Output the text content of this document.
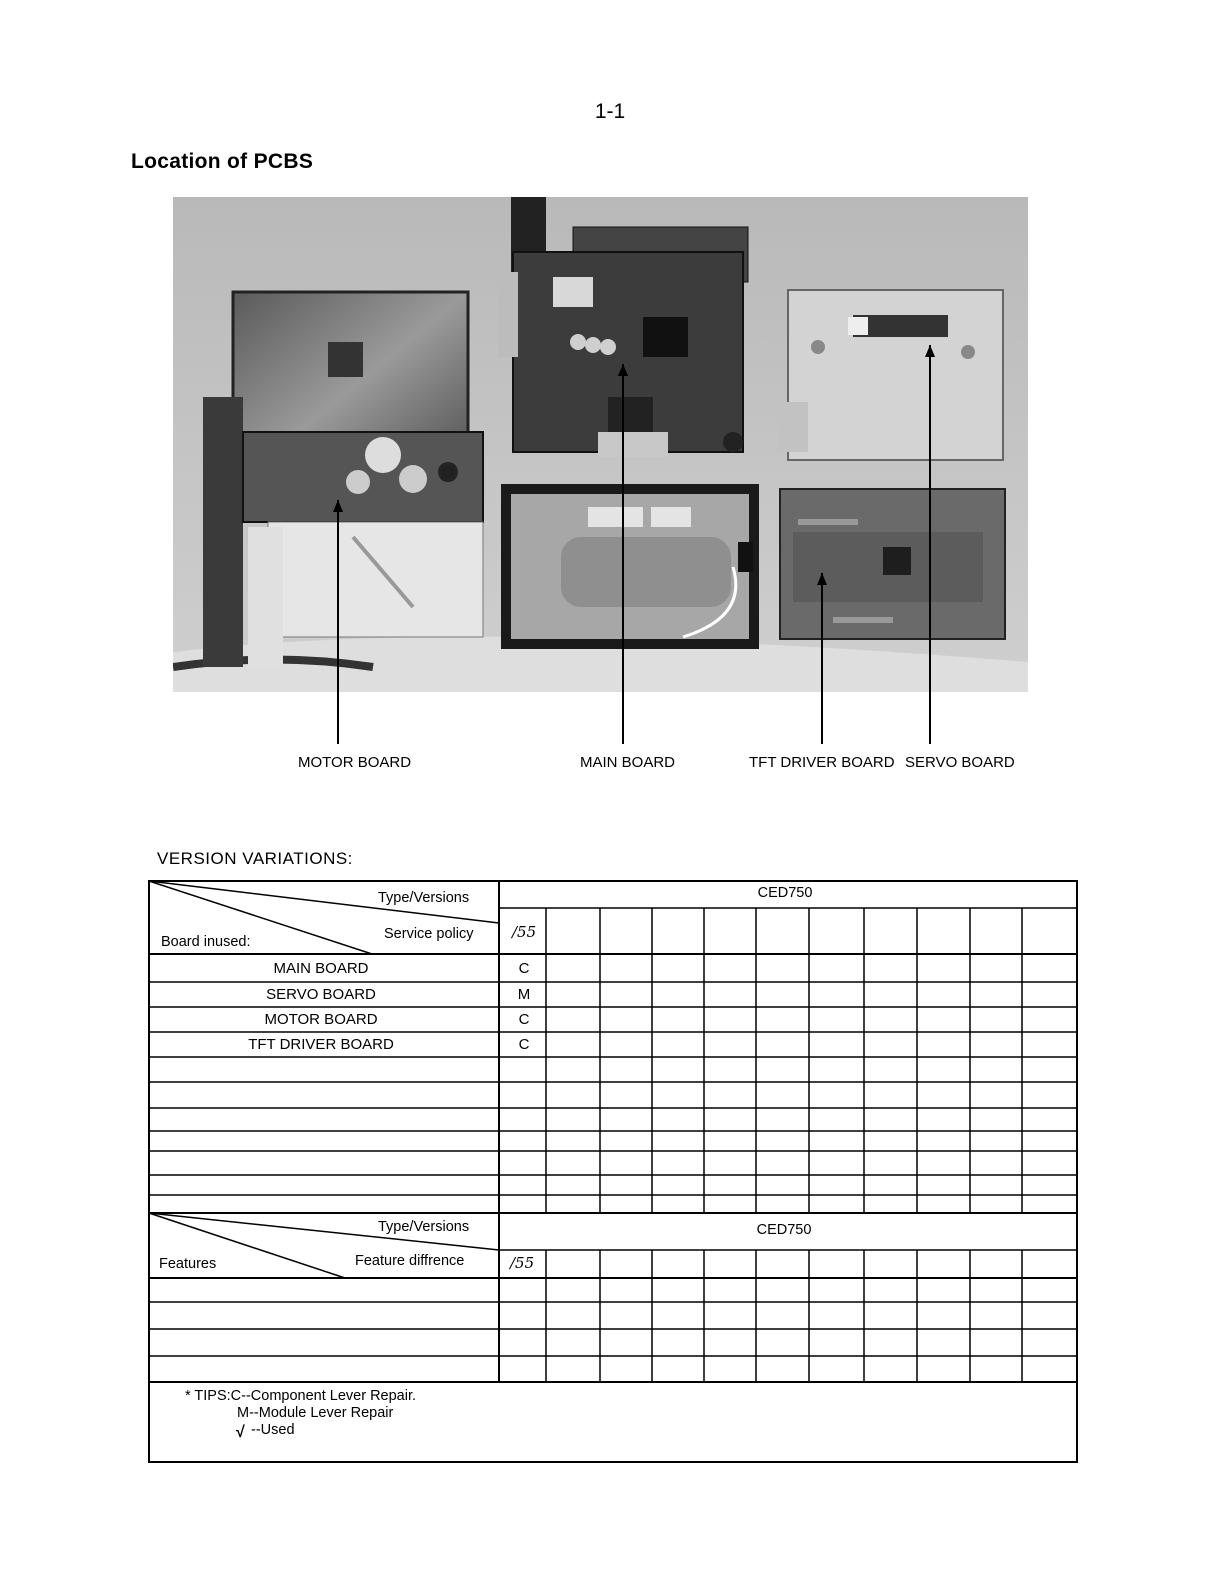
1-1
Location of PCBS
MOTOR BOARD	MAIN BOARD	TFT DRIVER BOARD SERVO BOARD
VERSION VARIATIONS:
Type/Versions
Service policy
Board inused:
CED750
/55
MAIN BOARD	C
SERVO BOARD	M
MOTOR BOARD	C
TFT DRIVER BOARD	C
Type/Versions
Feature diffrence
Features
CED750
/55
* TIPS:C--Component Lever Repair.
M--Module Lever Repair
√ --Used
